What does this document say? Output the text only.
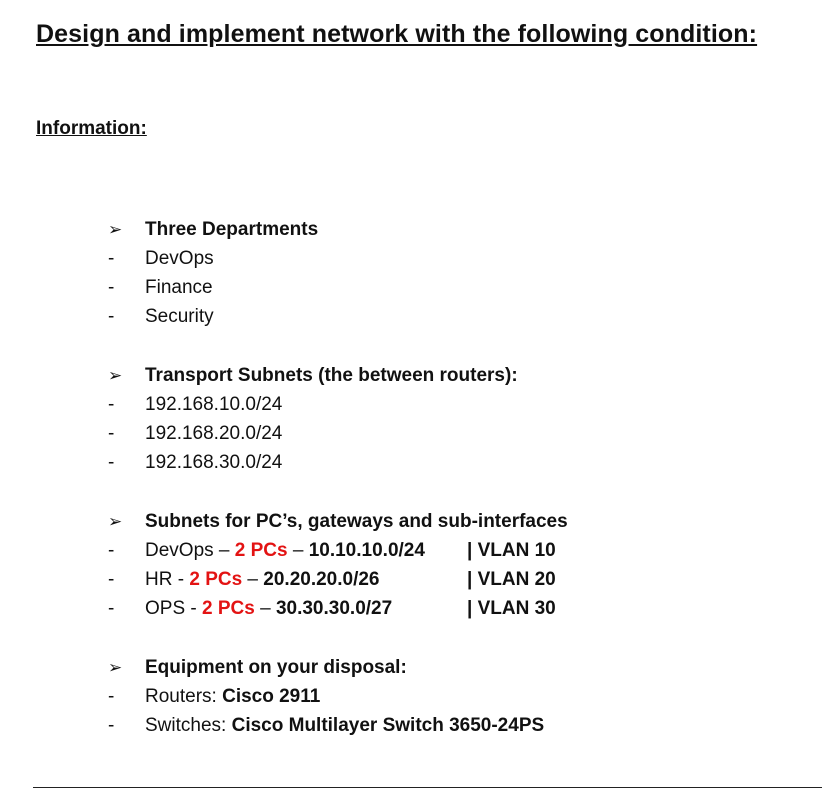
Design and implement network with the following condition:
Information:
➢ Three Departments
- DevOps
- Finance
- Security
➢ Transport Subnets (the between routers):
- 192.168.10.0/24
- 192.168.20.0/24
- 192.168.30.0/24
➢ Subnets for PC’s, gateways and sub-interfaces
- DevOps – 2 PCs – 10.10.10.0/24 | VLAN 10
- HR - 2 PCs – 20.20.20.0/26	| VLAN 20
- OPS - 2 PCs – 30.30.30.0/27	| VLAN 30
➢ Equipment on your disposal:
- Routers: Cisco 2911
- Switches: Cisco Multilayer Switch 3650-24PS
